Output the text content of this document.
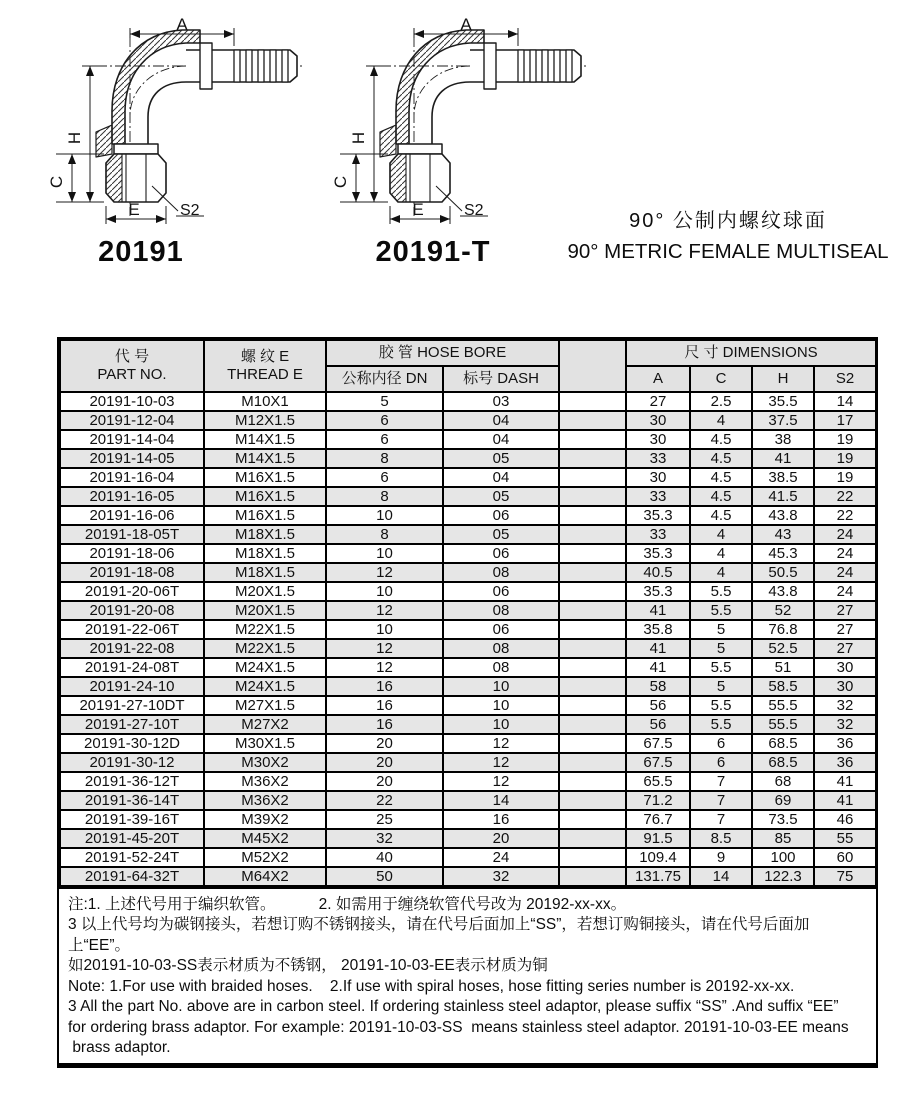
A
H
C
E	S2
A
H
C
E	S2
20191	20191-T
90° 公制内螺纹球面
90° METRIC FEMALE MULTISEAL
代 号
PART NO.

螺 纹 E
THREAD E
	胶 管 HOSE BORE		尺 寸 DIMENSIONS
		公称内径 DN	标号 DASH		A	C	H	S2
20191-10-03	M10X1	5	03		27	2.5	35.5	14
20191-12-04	M12X1.5	6	04		30	4	37.5	17
20191-14-04	M14X1.5	6	04		30	4.5	38	19
20191-14-05	M14X1.5	8	05		33	4.5	41	19
20191-16-04	M16X1.5	6	04		30	4.5	38.5	19
20191-16-05	M16X1.5	8	05		33	4.5	41.5	22
20191-16-06	M16X1.5	10	06		35.3	4.5	43.8	22
20191-18-05T	M18X1.5	8	05		33	4	43	24
20191-18-06	M18X1.5	10	06		35.3	4	45.3	24
20191-18-08	M18X1.5	12	08		40.5	4	50.5	24
20191-20-06T	M20X1.5	10	06		35.3	5.5	43.8	24
20191-20-08	M20X1.5	12	08		41	5.5	52	27
20191-22-06T	M22X1.5	10	06		35.8	5	76.8	27
20191-22-08	M22X1.5	12	08		41	5	52.5	27
20191-24-08T	M24X1.5	12	08		41	5.5	51	30
20191-24-10	M24X1.5	16	10		58	5	58.5	30
20191-27-10DT	M27X1.5	16	10		56	5.5	55.5	32
20191-27-10T	M27X2	16	10		56	5.5	55.5	32
20191-30-12D	M30X1.5	20	12		67.5	6	68.5	36
20191-30-12	M30X2	20	12		67.5	6	68.5	36
20191-36-12T	M36X2	20	12		65.5	7	68	41
20191-36-14T	M36X2	22	14		71.2	7	69	41
20191-39-16T	M39X2	25	16		76.7	7	73.5	46
20191-45-20T	M45X2	32	20		91.5	8.5	85	55
20191-52-24T	M52X2	40	24		109.4	9	100	60
20191-64-32T	M64X2	50	32		131.75	14	122.3	75
注:1. 上述代号用于编织软管。          2. 如需用于缠绕软管代号改为 20192-xx-xx。
3 以上代号均为碳钢接头，若想订购不锈钢接头，请在代号后面加上“SS”，若想订购铜接头，请在代号后面加上“EE”。
如20191-10-03-SS表示材质为不锈钢， 20191-10-03-EE表示材质为铜
Note: 1.For use with braided hoses.    2.If use with spiral hoses, hose fitting series number is 20192-xx-xx.
3 All the part No. above are in carbon steel. If ordering stainless steel adaptor, please suffix “SS” .And suffix “EE”
for ordering brass adaptor. For example: 20191-10-03-SS  means stainless steel adaptor. 20191-10-03-EE means
brass adaptor.
